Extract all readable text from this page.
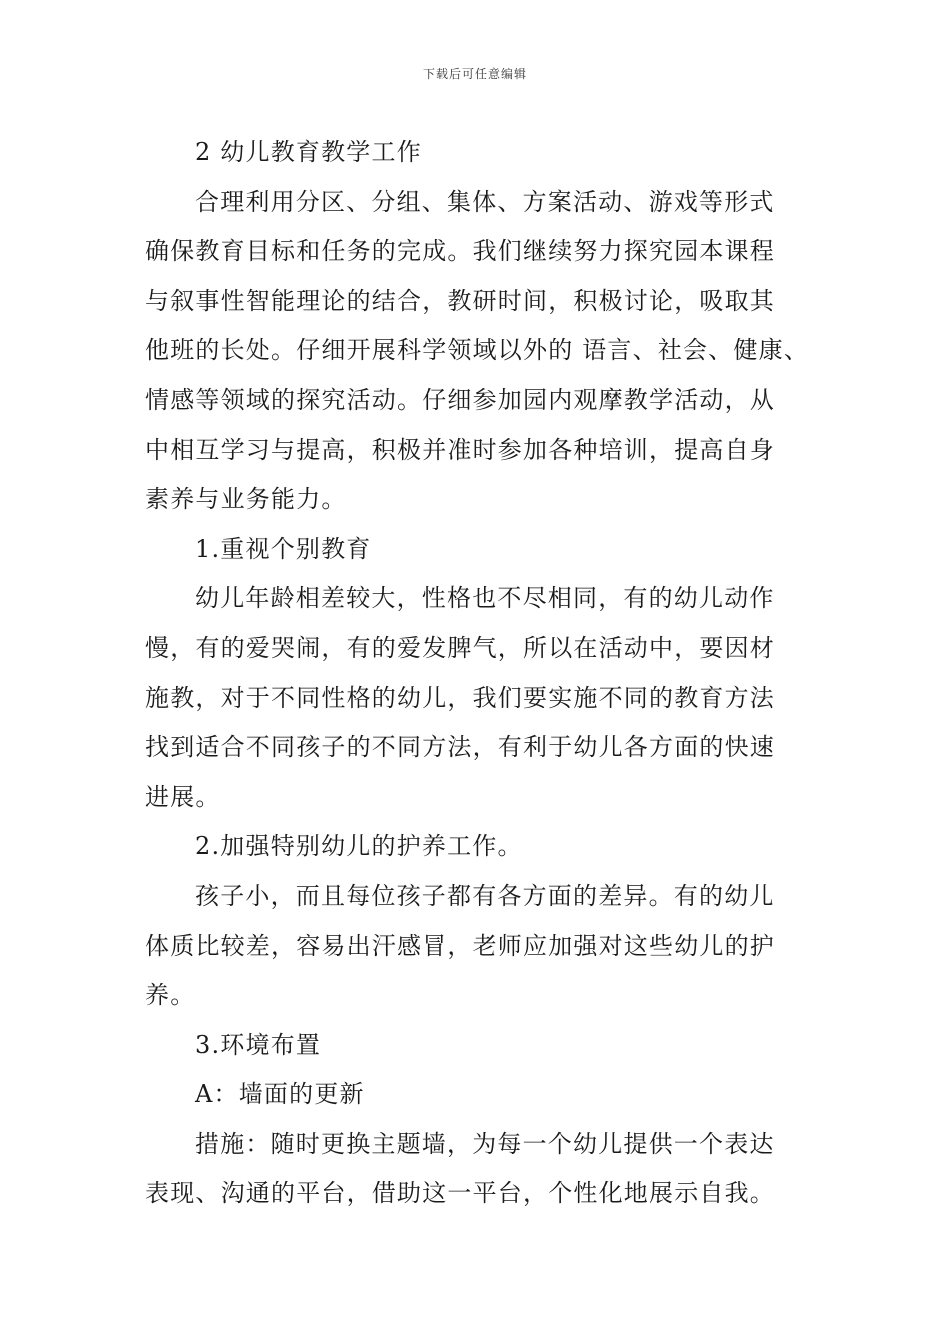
下载后可任意编辑
2 幼儿教育教学工作
合理利用分区、分组、集体、方案活动、游戏等形式
确保教育目标和任务的完成。我们继续努力探究园本课程
与叙事性智能理论的结合，教研时间，积极讨论，吸取其
他班的长处。仔细开展科学领域以外的 语言、社会、健康、
情感等领域的探究活动。仔细参加园内观摩教学活动，从
中相互学习与提高，积极并准时参加各种培训，提高自身
素养与业务能力。
1.重视个别教育
幼儿年龄相差较大，性格也不尽相同，有的幼儿动作
慢，有的爱哭闹，有的爱发脾气，所以在活动中，要因材
施教，对于不同性格的幼儿，我们要实施不同的教育方法
找到适合不同孩子的不同方法，有利于幼儿各方面的快速
进展。
2.加强特别幼儿的护养工作。
孩子小，而且每位孩子都有各方面的差异。有的幼儿
体质比较差，容易出汗感冒，老师应加强对这些幼儿的护
养。
3.环境布置
A：墙面的更新
措施：随时更换主题墙，为每一个幼儿提供一个表达
表现、沟通的平台，借助这一平台，个性化地展示自我。
